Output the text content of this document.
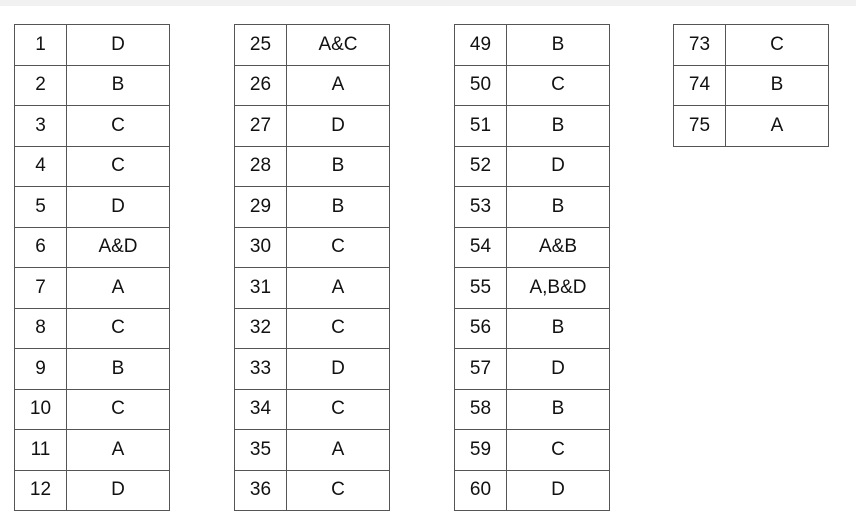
1	D
2	B
3	C
4	C
5	D
6	A&D
7	A
8	C
9	B
10	C
11	A
12	D
25	A&C
26	A
27	D
28	B
29	B
30	C
31	A
32	C
33	D
34	C
35	A
36	C
49	B
50	C
51	B
52	D
53	B
54	A&B
55	A,B&D
56	B
57	D
58	B
59	C
60	D
73	C
74	B
75	A
